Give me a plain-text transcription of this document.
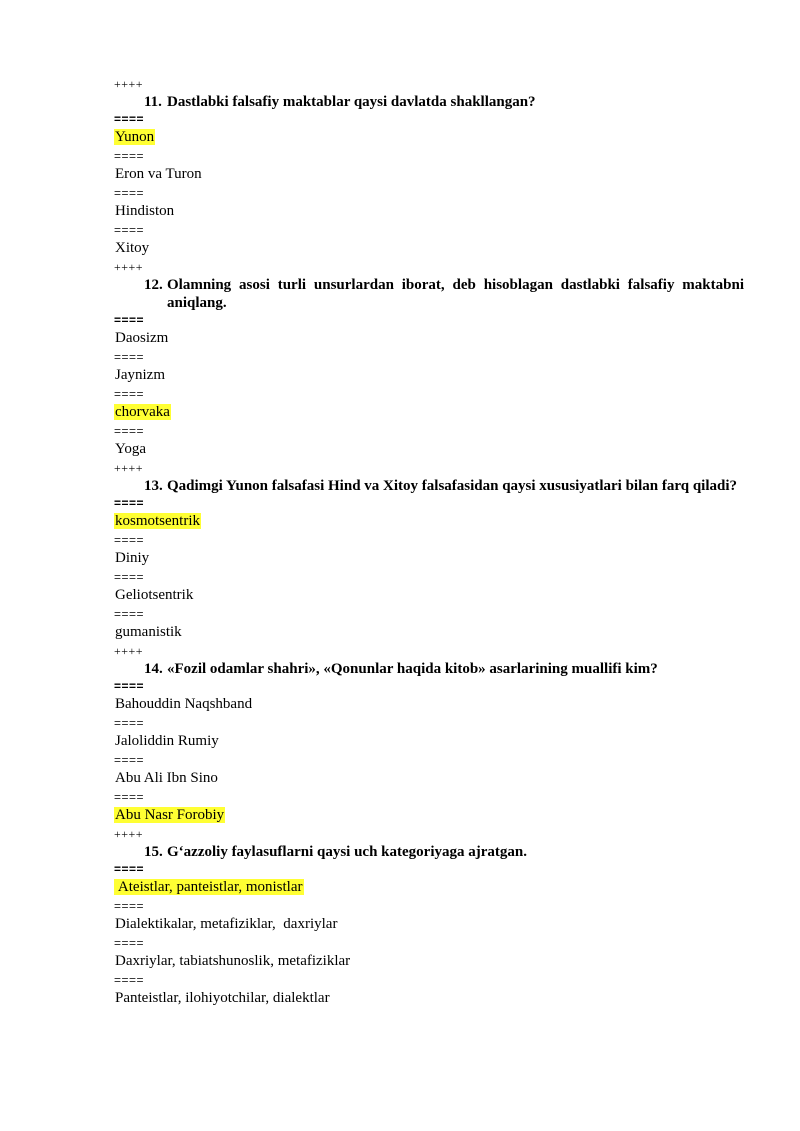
++++
11. Dastlabki falsafiy maktablar qaysi davlatda shakllangan?
====
Yunon
====
Eron va Turon
====
Hindiston
====
Xitoy
++++
12. Olamning asosi turli unsurlardan iborat, deb hisoblagan dastlabki falsafiy maktabni aniqlang.
====
Daosizm
====
Jaynizm
====
chorvaka
====
Yoga
++++
13. Qadimgi Yunon falsafasi Hind va Xitoy falsafasidan qaysi xususiyatlari bilan farq qiladi?
====
kosmotsentrik
====
Diniy
====
Geliotsentrik
====
gumanistik
++++
14. «Fozil odamlar shahri», «Qonunlar haqida kitob» asarlarining muallifi kim?
====
Bahouddin Naqshband
====
Jaloliddin Rumiy
====
Abu Ali Ibn Sino
====
Abu Nasr Forobiy
++++
15. G‘azzoliy faylasuflarni qaysi uch kategoriyaga ajratgan.
====
Ateistlar, panteistlar, monistlar
====
Dialektikalar, metafiziklar,  daxriylar
====
Daxriylar, tabiatshunoslik, metafiziklar
====
Panteistlar, ilohiyotchilar, dialektlar
